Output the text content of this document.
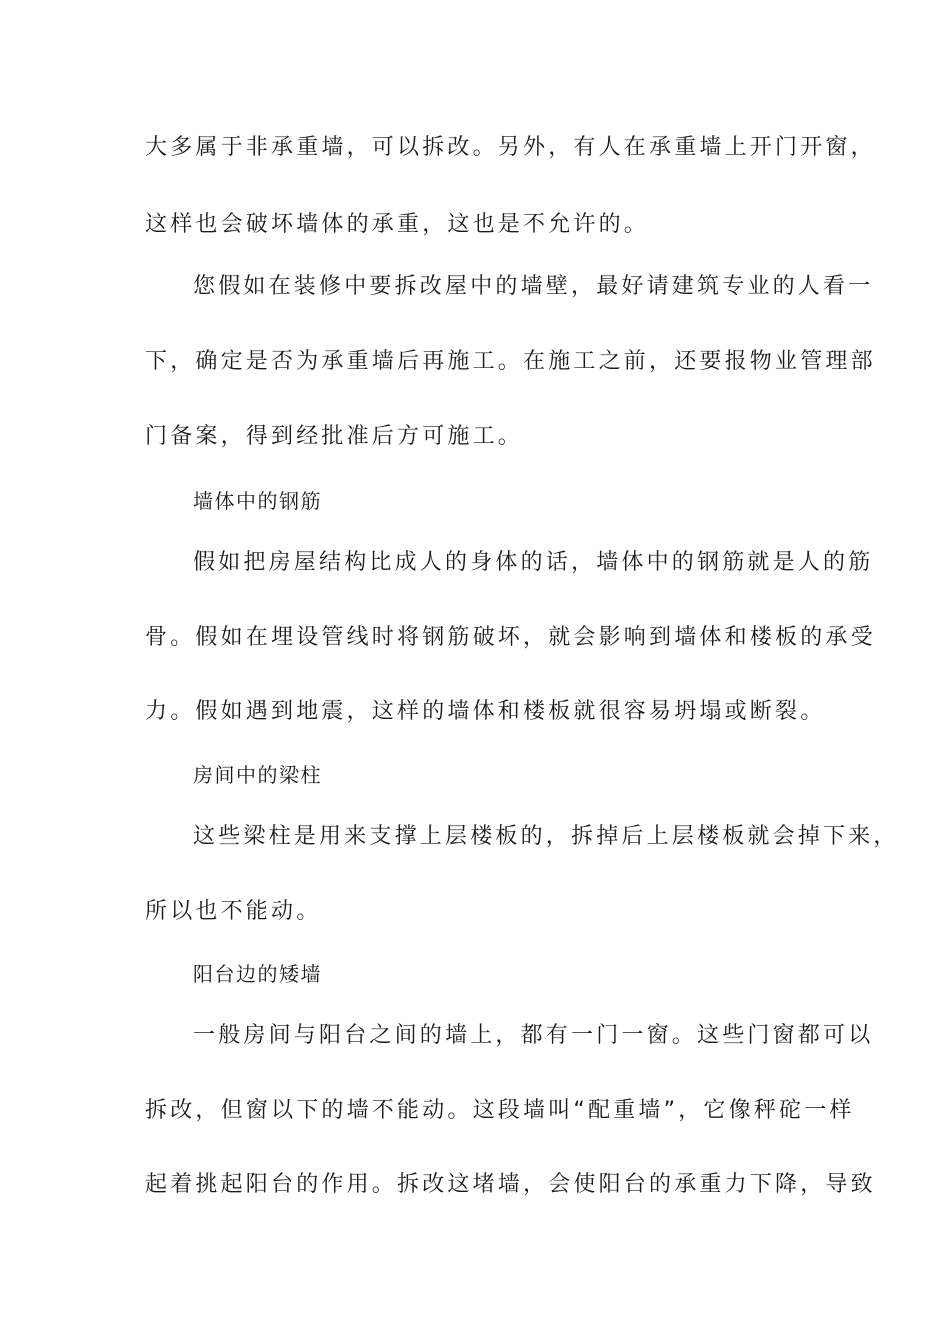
大多属于非承重墙，可以拆改。另外，有人在承重墙上开门开窗，
这样也会破坏墙体的承重，这也是不允许的。
您假如在装修中要拆改屋中的墙壁，最好请建筑专业的人看一
下，确定是否为承重墙后再施工。在施工之前，还要报物业管理部
门备案，得到经批准后方可施工。
墙体中的钢筋
假如把房屋结构比成人的身体的话，墙体中的钢筋就是人的筋
骨。假如在埋设管线时将钢筋破坏，就会影响到墙体和楼板的承受
力。假如遇到地震，这样的墙体和楼板就很容易坍塌或断裂。
房间中的梁柱
这些梁柱是用来支撑上层楼板的，拆掉后上层楼板就会掉下来，
所以也不能动。
阳台边的矮墙
一般房间与阳台之间的墙上，都有一门一窗。这些门窗都可以
拆改，但窗以下的墙不能动。这段墙叫“配重墙”，它像秤砣一样
起着挑起阳台的作用。拆改这堵墙，会使阳台的承重力下降，导致
